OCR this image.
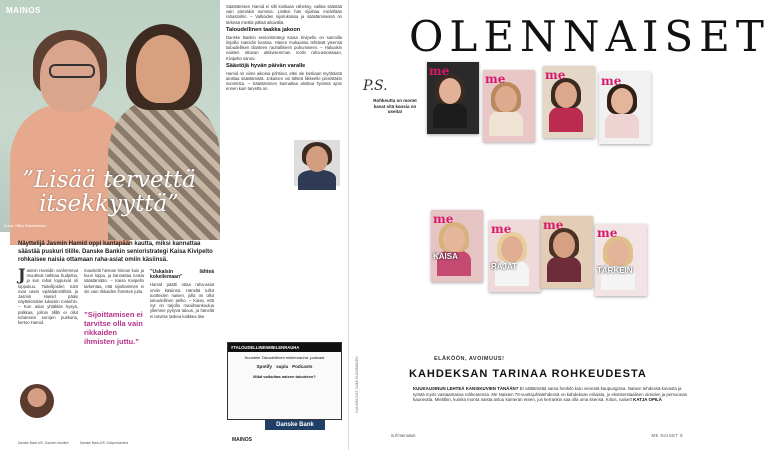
MAINOS
”Lisää tervettä itsekkyyttä”
Kuva: Mika Rautaheimo
Näyttelijä Jasmin Hamid oppi kantapään kautta, miksi kannattaa säästää puskuri tilille. Danske Bankin senioristrategi Kaisa Kivipelto rohkaisee naisia ottamaan raha-asiat omiin käsiinsä.
J asmin Hamidin vanhemmat muuttivat tarkkaa budjettia, ja kun rahat loppuivat oli loppukuu. Taiteilijoiden tulot ovat usein epäsäännöllisiä ja Jasmin Hamid pääsi näyttelemään lukuisiin rooleihin. – Kun asiat yhtäkkiä kysyä, palkkaa, jolloin tilillä ei ollut tuhansien eurojen puskuria, kertoo Hamid.
maustetti hieman hinnan kuin ja kuun loppu, ja kannattaa naisia säästämään. – Kaisa Kivipelto tarkentaa, että sijoittaminen ei ole vain rikkaiden ihmisten juttu.
”Sijoittamisen ei tarvitse olla vain rikkaiden ihmisten juttu.”
”Uskalsin lähteä kokeilemaan”
Hamid päätti ottaa raha-asiat omiin käsiinsä. Häneltä tullut tuotteiden naisen, jolla on ollut taloudellinen pelko. – Kaisa, että nyt on tarjolla maailmankuulua yllemme pysyvä talous, ja hänellä ei tarvitse laskea kaikkea itse.
Säästämisen Hamid ei silti koskaan väheksy, vaikka säästää vain pieniäkin summia. Lisäksi hän sijoittaa mielellään rahastoihin. – Valtioiden sijoituksissa ja säästämisessä on tärkeää miettiä pitkää aikaväliä.
Taloudellinen taakka jakoon
Danske Bankin senioristrategi Kaisa Kivipelto on samoilla linjoilla Hamidin kanssa. Hänen mukaansa tehtävät yleensä taloudellisen tilanteen rauhalliseen puhumiseen. – Haluaisin naisten ottavan aktiivisemman roolin raha-asioissaan, Kivipelto sanoo.
Säästöjä hyvän päivän varalle
Hamid on viime aikoina pohtinut, ettei ole koskaan myöhäistä aloittaa säästämistä. Jokainen voi lähteä liikkeelle pienistäkin summista. – Säästäminen kannattaa aloittaa hyvissä ajoin ennen kuin tarvetta on.
#TALOUDELLINENMIELENRAUHA
Kuuntele Taloudellinen mielenrauha -podcast
Spotify supla Podcasts
Mikä vaikuttaa naisen talouteen?
Danske Bank
Danske Bank A/S, Suomen sivuliike	Danske Bank A/S, Kööpenhamina	MAINOS
OLENNAISET
P.S.
Rohkeutta on monet kavat sitä kansia on useita!
me
me	me	me
me
KAISA
me
RAJAT
me
me
TÄRKEIN
ELÄKÖÖN, AVOIMUUS!
KAHDEKSAN TARINAA ROHKEUDESTA
KUUKAUSINUN LEHTEÄ KANSIKUVIEN TÄNÄÄN? Et välttämättä sama henkilö kuin vierestä kaupungissa. Naisen tehdessä kuvasta ja työstä myös vastaamassa rohkeutensa. Me Naisten 70-vuotisjuhlalehdessä on kahdeksan erilaista, jo eksistentiaalisen oireiden ja persoonan kauneutta. Mietitkin, kuinka monta naista astuu kameran eteen, jos kerrankin saa olla oma itsensä. Kiitos, naiset! KATJA OPILÄ
is.fi/menaiset	ME NAISET 9
KANSIKUVAT: SAMI KUOSMANEN
